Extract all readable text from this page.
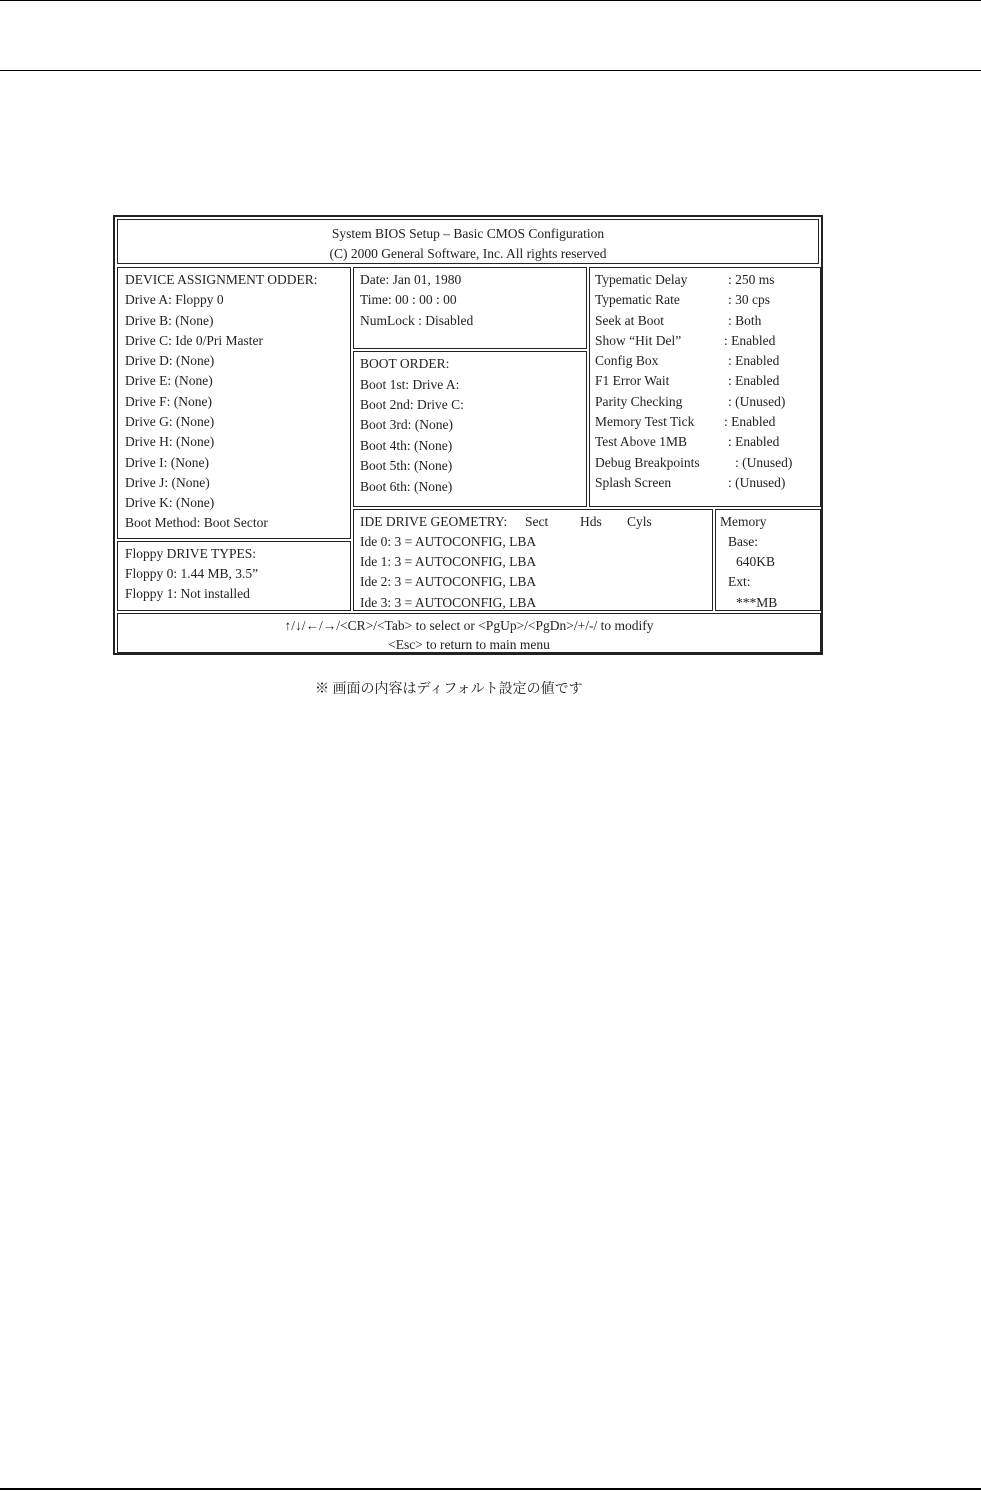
System BIOS Setup – Basic CMOS Configuration
(C) 2000 General Software, Inc. All rights reserved
DEVICE ASSIGNMENT ODDER:
Drive A: Floppy 0
Drive B: (None)
Drive C: Ide 0/Pri Master
Drive D: (None)
Drive E: (None)
Drive F: (None)
Drive G: (None)
Drive H: (None)
Drive I: (None)
Drive J: (None)
Drive K: (None)
Boot Method: Boot Sector
Floppy DRIVE TYPES:
Floppy 0: 1.44 MB, 3.5”
Floppy 1: Not installed
Date: Jan 01, 1980
Time: 00 : 00 : 00
NumLock : Disabled
BOOT ORDER:
Boot 1st: Drive A:
Boot 2nd: Drive C:
Boot 3rd: (None)
Boot 4th: (None)
Boot 5th: (None)
Boot 6th: (None)
Typematic Delay	: 250 ms
Typematic Rate	: 30 cps
Seek at Boot	: Both
Show “Hit Del”	: Enabled
Config Box	: Enabled
F1 Error Wait	: Enabled
Parity Checking	: (Unused)
Memory Test Tick : Enabled
Test Above 1MB	: Enabled
Debug Breakpoints	: (Unused)
Splash Screen	: (Unused)
IDE DRIVE GEOMETRY: Sect Hds Cyls
Ide 0: 3 = AUTOCONFIG, LBA
Ide 1: 3 = AUTOCONFIG, LBA
Ide 2: 3 = AUTOCONFIG, LBA
Ide 3: 3 = AUTOCONFIG, LBA
Memory
Base:
640KB
Ext:
***MB
↑/↓/←/→/<CR>/<Tab> to select or <PgUp>/<PgDn>/+/-/ to modify
<Esc> to return to main menu
※ 画面の内容はディフォルト設定の値です
